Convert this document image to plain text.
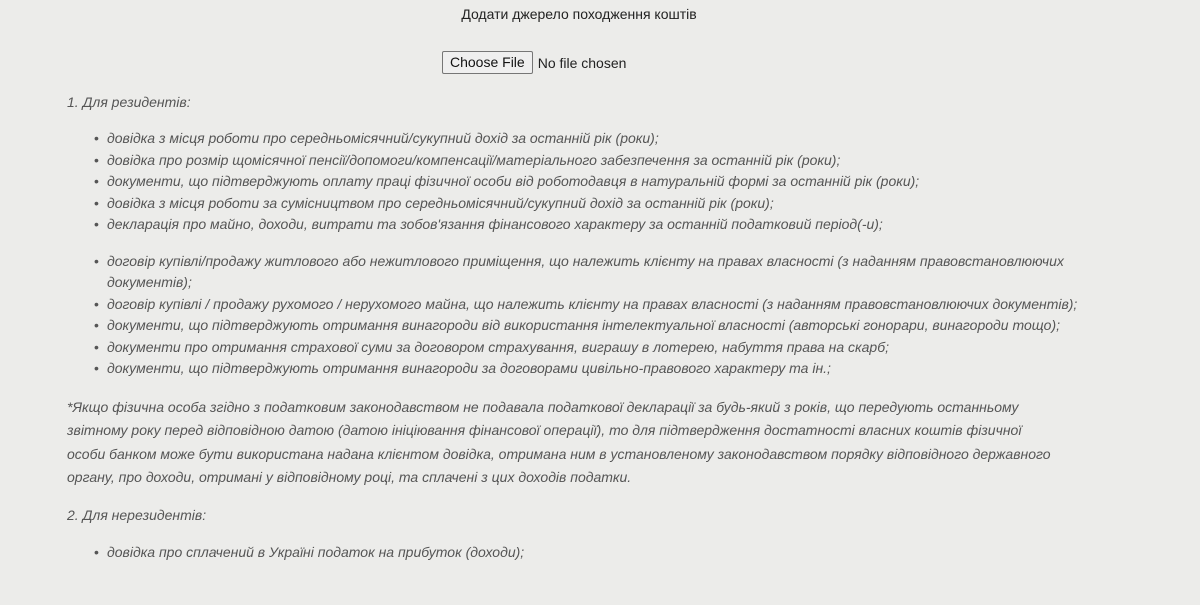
Додати джерело походження коштів
Choose File No file chosen

1. Для резидентів:

• довідка з місця роботи про середньомісячний/сукупний дохід за останній рік (роки);
• довідка про розмір щомісячної пенсії/допомоги/компенсації/матеріального забезпечення за останній рік (роки);
• документи, що підтверджують оплату праці фізичної особи від роботодавця в натуральній формі за останній рік (роки);
• довідка з місця роботи за сумісництвом про середньомісячний/сукупний дохід за останній рік (роки);
• декларація про майно, доходи, витрати та зобов'язання фінансового характеру за останній податковий період(-и);
• договір купівлі/продажу житлового або нежитлового приміщення, що належить клієнту на правах власності (з наданням правовстановлюючих документів);
• договір купівлі / продажу рухомого / нерухомого майна, що належить клієнту на правах власності (з наданням правовстановлюючих документів);
• документи, що підтверджують отримання винагороди від використання інтелектуальної власності (авторські гонорари, винагороди тощо);
• документи про отримання страхової суми за договором страхування, виграшу в лотерею, набуття права на скарб;
• документи, що підтверджують отримання винагороди за договорами цивільно-правового характеру та ін.;

*Якщо фізична особа згідно з податковим законодавством не подавала податкової декларації за будь-який з років, що передують останньому звітному року перед відповідною датою (датою ініціювання фінансової операції), то для підтвердження достатності власних коштів фізичної особи банком може бути використана надана клієнтом довідка, отримана ним в установленому законодавством порядку відповідного державного органу, про доходи, отримані у відповідному році, та сплачені з цих доходів податки.

2. Для нерезидентів:

• довідка про сплачений в Україні податок на прибуток (доходи);
